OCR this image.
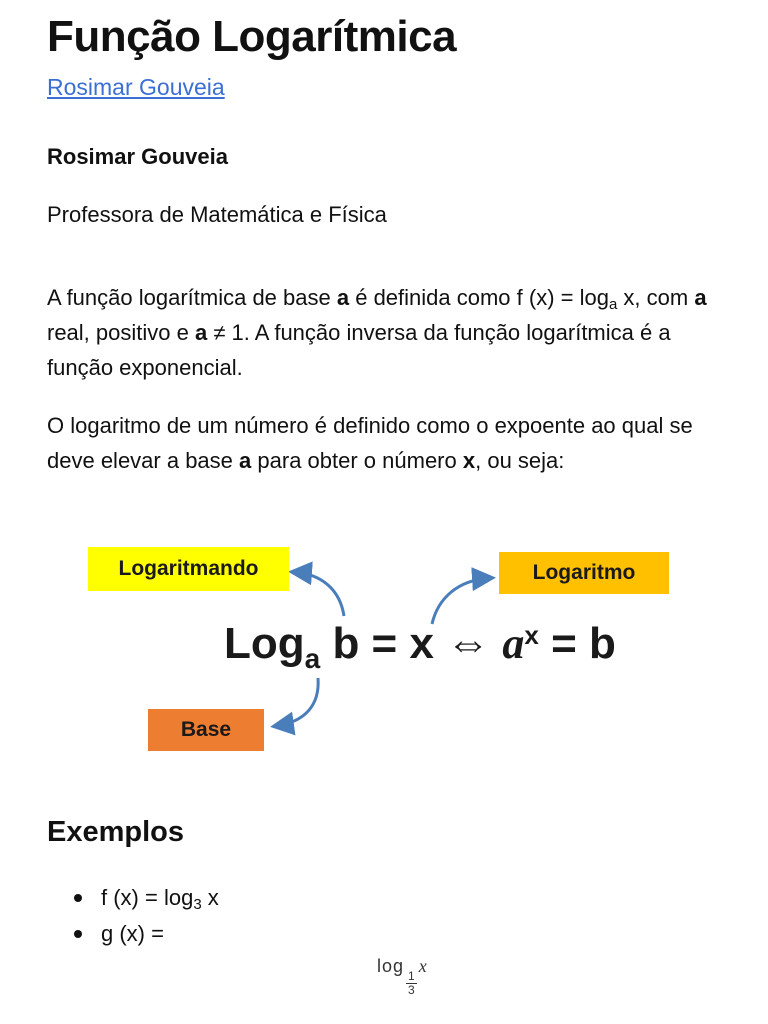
Função Logarítmica
Rosimar Gouveia
Rosimar Gouveia
Professora de Matemática e Física

A função logarítmica de base a é definida como f $(x) = \log_a x$, com a real, positivo e a ≠ 1. A função inversa da função logarítmica é a função exponencial.

O logaritmo de um número é definido como o expoente ao qual se deve elevar a base a para obter o número x, ou seja:

Exemplos
f $(x) = \log_3 x$
g (x) =
Logaritmando	Logaritmo
Base
Log$_a$ b = x ⇔ $a^x = b$
log
$\frac{1}{3}$
x
